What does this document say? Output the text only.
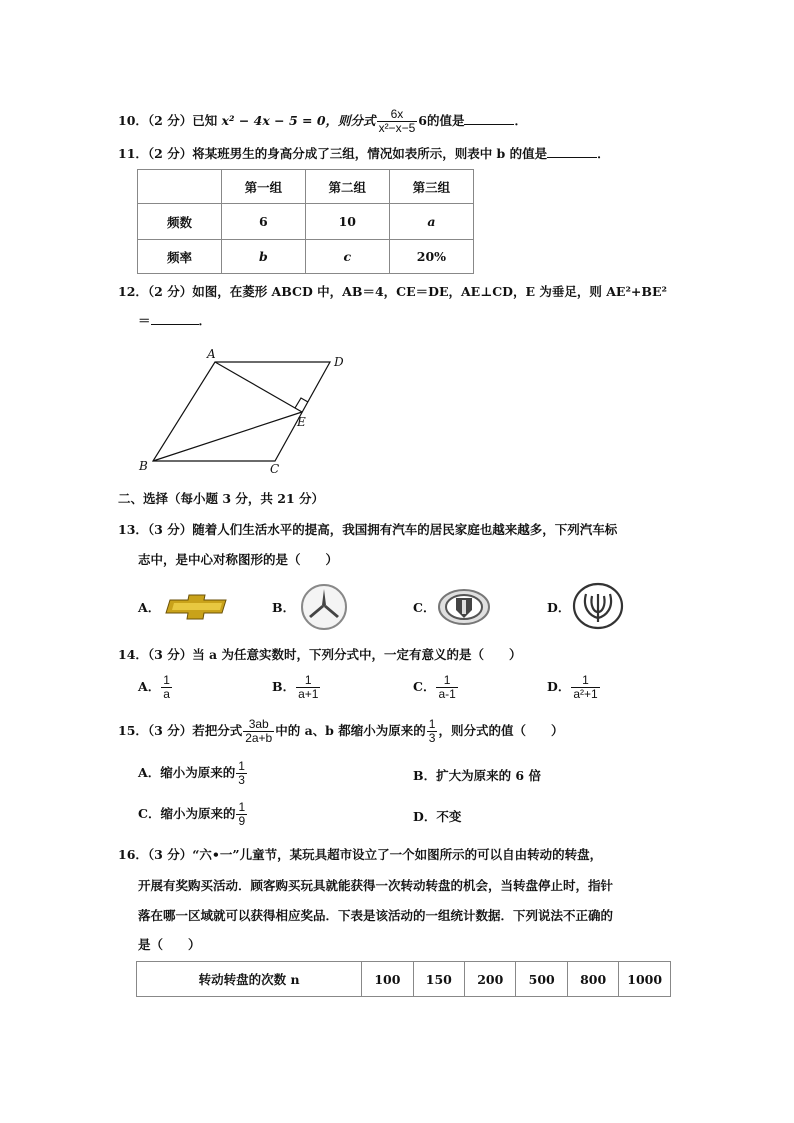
10．（2 分）已知 x² − 4x − 5 = 0，则分式 $\frac{6x}{\text{x²−x−5}} 6$的值是	．
11．（2 分）将某班男生的身高分成了三组，情况如表所示，则表中 b 的值是	．
	第一组	第二组	第三组
频数	6	10	a
频率	b	c	20%
12．（2 分）如图，在菱形 ABCD 中，AB＝4，CE＝DE，AE⊥CD，E 为垂足，则 AE²+BE²
＝	．
A
D
E
B	C
二、选择（每小题 3 分，共 21 分）
13．（3 分）随着人们生活水平的提高，我国拥有汽车的居民家庭也越来越多，下列汽车标
志中，是中心对称图形的是（　　）
A．	B．	C．	D．
14．（3 分）当 a 为任意实数时，下列分式中，一定有意义的是（　　）
A． $\frac{1}{a}$	B． $\frac{1}{a+1}$	C． $\frac{1}{a-1}$	D． $\frac{1}{\text{a²+1}}$
15．（3 分）若把分式 $\frac{3ab}{2a+b}$ 中的 a、b 都缩小为原来的 $\frac{1}{3}$ ，则分式的值（　　）
A．缩小为原来的 $\frac{1}{3}$	B．扩大为原来的 6 倍
C．缩小为原来的 $\frac{1}{9}$	D．不变
16．（3 分）“六•一”儿童节，某玩具超市设立了一个如图所示的可以自由转动的转盘，
开展有奖购买活动．顾客购买玩具就能获得一次转动转盘的机会，当转盘停止时，指针
落在哪一区域就可以获得相应奖品．下表是该活动的一组统计数据．下列说法不正确的
是（　　）
转动转盘的次数 n	100	150	200	500	800	1000
